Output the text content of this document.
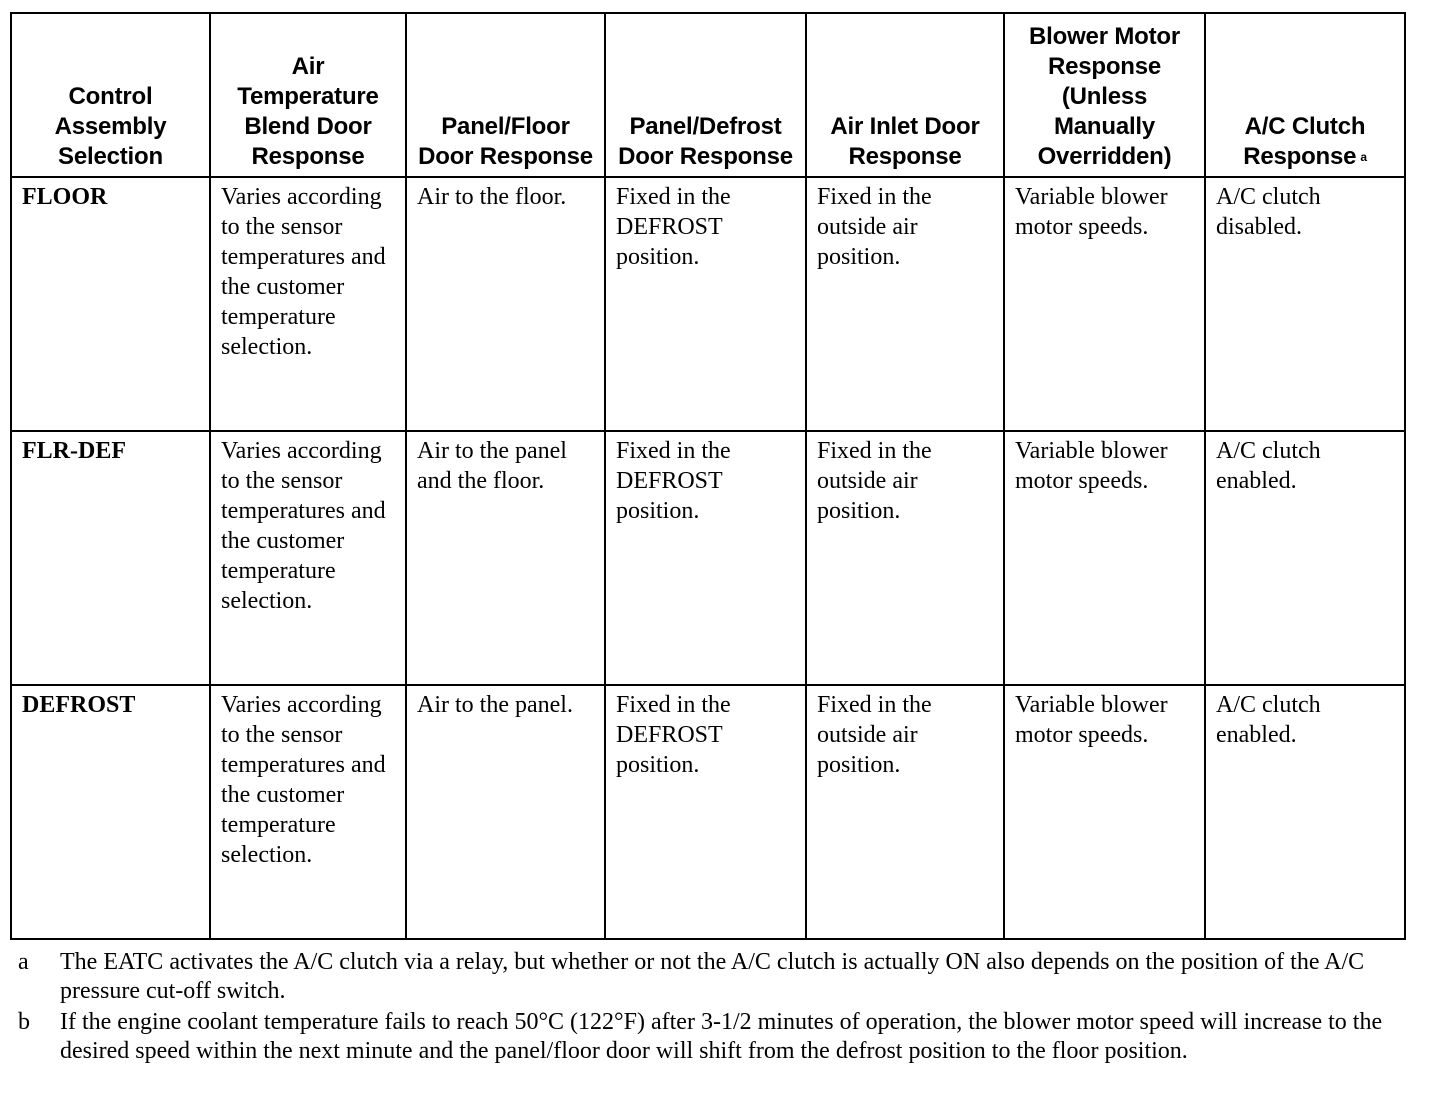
Control Assembly Selection	Air Temperature Blend Door Response	Panel/Floor Door Response	Panel/Defrost Door Response	Air Inlet Door Response	Blower Motor Response (Unless Manually Overridden)	A/C Clutch Response $^a$
FLOOR	Varies according to the sensor temperatures and the customer temperature selection.	Air to the floor.	Fixed in the DEFROST position.	Fixed in the outside air position.	Variable blower motor speeds.	A/C clutch disabled.
FLR-DEF	Varies according to the sensor temperatures and the customer temperature selection.	Air to the panel and the floor.	Fixed in the DEFROST position.	Fixed in the outside air position.	Variable blower motor speeds.	A/C clutch enabled.
DEFROST	Varies according to the sensor temperatures and the customer temperature selection.	Air to the panel.	Fixed in the DEFROST position.	Fixed in the outside air position.	Variable blower motor speeds.	A/C clutch enabled.
a	The EATC activates the A/C clutch via a relay, but whether or not the A/C clutch is actually ON also depends on the position of the A/C pressure cut-off switch.
b	If the engine coolant temperature fails to reach 50°C (122°F) after 3-1/2 minutes of operation, the blower motor speed will increase to the desired speed within the next minute and the panel/floor door will shift from the defrost position to the floor position.
